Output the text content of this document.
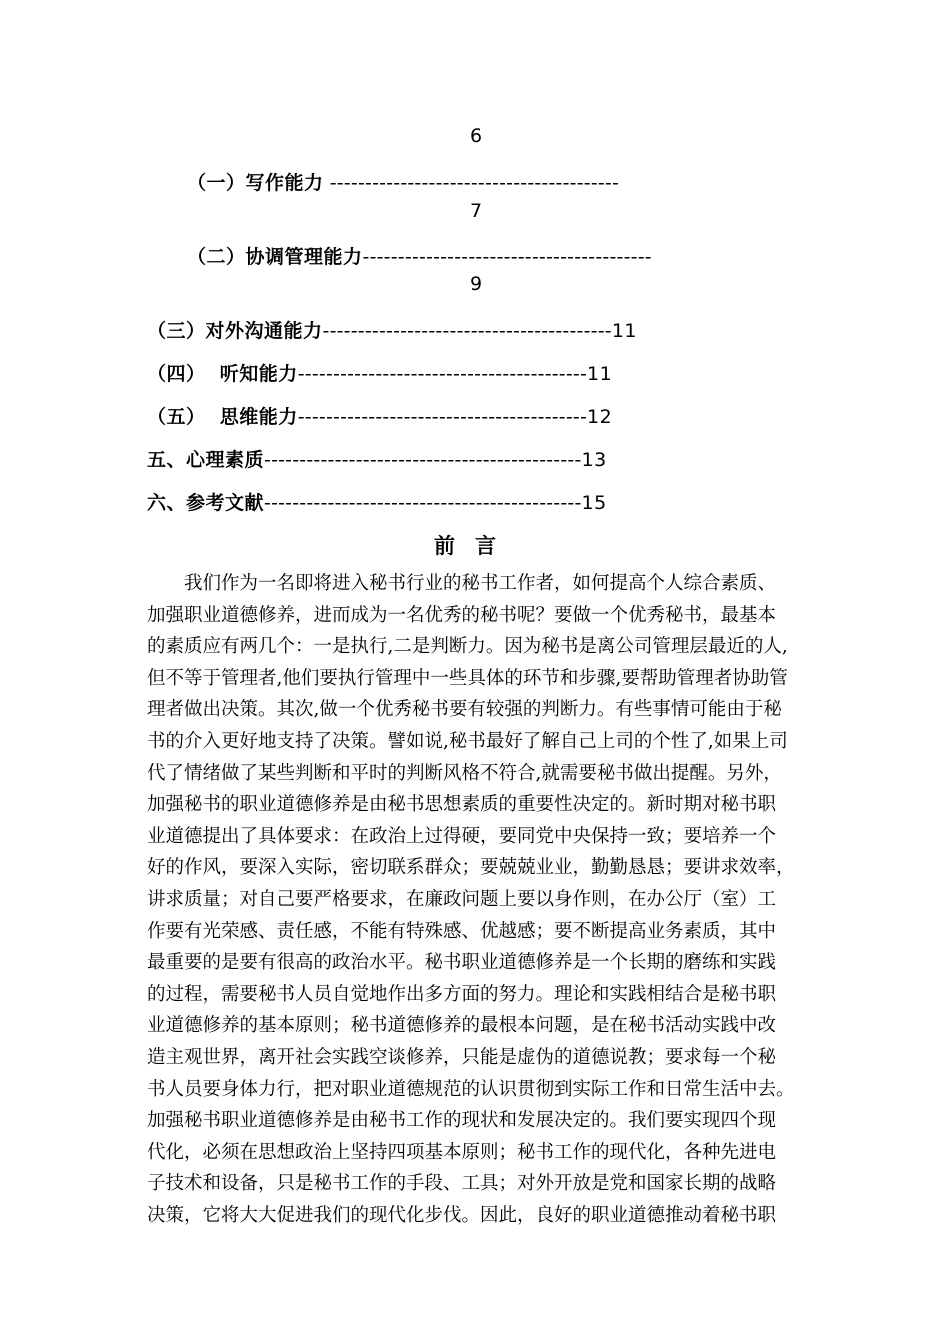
6
（一）写作能力 -----------------------------------------
7
（二）协调管理能力-----------------------------------------
9
（三）对外沟通能力-----------------------------------------11
（四）  听知能力-----------------------------------------11
（五）  思维能力-----------------------------------------12
五、心理素质---------------------------------------------13
六、参考文献---------------------------------------------15
前言
我们作为一名即将进入秘书行业的秘书工作者，如何提高个人综合素质、
加强职业道德修养，进而成为一名优秀的秘书呢？要做一个优秀秘书，最基本
的素质应有两几个：一是执行,二是判断力。因为秘书是离公司管理层最近的人,
但不等于管理者,他们要执行管理中一些具体的环节和步骤,要帮助管理者协助管
理者做出决策。其次,做一个优秀秘书要有较强的判断力。有些事情可能由于秘
书的介入更好地支持了决策。譬如说,秘书最好了解自己上司的个性了,如果上司
代了情绪做了某些判断和平时的判断风格不符合,就需要秘书做出提醒。另外，
加强秘书的职业道德修养是由秘书思想素质的重要性决定的。新时期对秘书职
业道德提出了具体要求：在政治上过得硬，要同党中央保持一致；要培养一个
好的作风，要深入实际，密切联系群众；要兢兢业业，勤勤恳恳；要讲求效率，
讲求质量；对自己要严格要求，在廉政问题上要以身作则，在办公厅（室）工
作要有光荣感、责任感，不能有特殊感、优越感；要不断提高业务素质，其中
最重要的是要有很高的政治水平。秘书职业道德修养是一个长期的磨练和实践
的过程，需要秘书人员自觉地作出多方面的努力。理论和实践相结合是秘书职
业道德修养的基本原则；秘书道德修养的最根本问题，是在秘书活动实践中改
造主观世界，离开社会实践空谈修养，只能是虚伪的道德说教；要求每一个秘
书人员要身体力行，把对职业道德规范的认识贯彻到实际工作和日常生活中去。
加强秘书职业道德修养是由秘书工作的现状和发展决定的。我们要实现四个现
代化，必须在思想政治上坚持四项基本原则；秘书工作的现代化，各种先进电
子技术和设备，只是秘书工作的手段、工具；对外开放是党和国家长期的战略
决策，它将大大促进我们的现代化步伐。因此，良好的职业道德推动着秘书职
